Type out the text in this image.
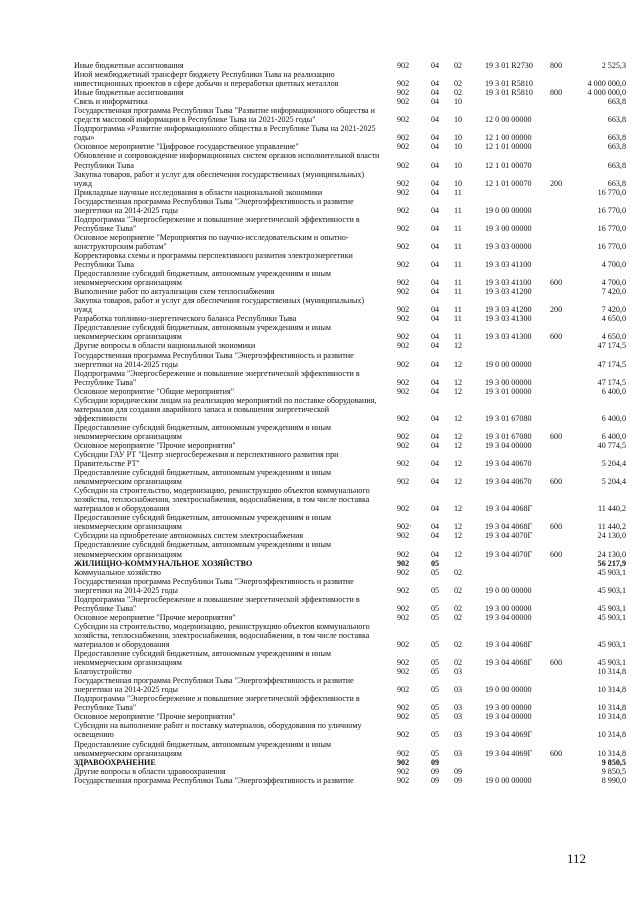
Иные бюджетные ассигнования	902	04 02	19 3 01 R2730 800	2 525,3
Иной межбюджетный трансферт бюджету Республики Тыва на реализацию инвестиционных проектов в сфере добычи и переработки цветных металлов	902	04 02	19 3 01 R5810	4 000 000,0
Иные бюджетные ассигнования	902	04 02	19 3 01 R5810 800	4 000 000,0
Связь и информатика	902	04 10	663,8
Государственная программа Республики Тыва "Развитие информационного общества и средств массовой информации в Республике Тыва на 2021-2025 годы"	902	04 10	12 0 00 00000	663,8
Подпрограмма «Развитие информационного общества в Республике Тыва на 2021-2025 годы»	902	04 10	12 1 00 00000	663,8
Основное мероприятие "Цифровое государственное управление"	902	04 10	12 1 01 00000	663,8
Обновление и сопровождение информационных систем органов исполнительной власти Республики Тыва	902	04 10	12 1 01 00070	663,8
Закупка товаров, работ и услуг для обеспечения государственных (муниципальных) нужд	902	04 10	12 1 01 00070 200	663,8
Прикладные научные исследования в области национальной экономики	902	04 11	16 770,0
Государственная программа Республики Тыва "Энергоэффективность и развитие энергетики на 2014-2025 годы	902	04 11	19 0 00 00000	16 770,0
Подпрограмма "Энергосбережение и повышение энергетической эффективности в Республике Тыва"	902	04 11	19 3 00 00000	16 770,0
Основное мероприятие "Мероприятия по научно-исследовательским и опытно-конструкторским работам"	902	04 11	19 3 03 00000	16 770,0
Корректировка схемы и программы перспективного развития электроэнергетики Республики Тыва	902	04 11	19 3 03 41100	4 700,0
Предоставление субсидий бюджетным, автономным учреждениям и иным некоммерческим организациям	902	04 11	19 3 03 41100 600	4 700,0
Выполнение работ по актуализации схем теплоснабжения	902	04 11	19 3 03 41200	7 420,0
Закупка товаров, работ и услуг для обеспечения государственных (муниципальных) нужд	902	04 11	19 3 03 41200 200	7 420,0
Разработка топливно-энергетического баланса Республики Тыва	902	04 11	19 3 03 41300	4 650,0
Предоставление субсидий бюджетным, автономным учреждениям и иным некоммерческим организациям	902	04 11	19 3 03 41300 600	4 650,0
Другие вопросы в области национальной экономики	902	04 12	47 174,5
Государственная программа Республики Тыва "Энергоэффективность и развитие энергетики на 2014-2025 годы	902	04 12	19 0 00 00000	47 174,5
Подпрограмма "Энергосбережение и повышение энергетической эффективности в Республике Тыва"	902	04 12	19 3 00 00000	47 174,5
Основное мероприятие "Общие мероприятия"	902	04 12	19 3 01 00000	6 400,0
Субсидии юридическим лицам на реализацию мероприятий по поставке оборудования, материалов для создания аварийного запаса и повышения энергетической эффективности	902	04 12	19 3 01 67080	6 400,0
Предоставление субсидий бюджетным, автономным учреждениям и иным некоммерческим организациям	902	04 12	19 3 01 67080 600	6 400,0
Основное мероприятие "Прочие мероприятия"	902	04 12	19 3 04 00000	40 774,5
Субсидии ГАУ РТ "Центр энергосбережения и перспективного развития при Правительстве РТ"	902	04 12	19 3 04 40670	5 204,4
Предоставление субсидий бюджетным, автономным учреждениям и иным некоммерческим организациям	902	04 12	19 3 04 40670 600	5 204,4
Субсидии на строительство, модернизацию, реконструкцию объектов коммунального хозяйства, теплоснабжения, электроснабжения, водоснабжения, в том числе поставка материалов и оборудования	902	04 12	19 3 04 4068Г	11 440,2
Предоставление субсидий бюджетным, автономным учреждениям и иным некоммерческим организациям	902· 04 12	19 3 04 4068Г 600	11 440,2
Субсидии на приобретение автономных систем электроснабжения	902	04 12	19 3 04 4070Г	24 130,0
Предоставление субсидий бюджетным, автономным учреждениям и иным некоммерческим организациям	902	04 12	19 3 04 4070Г 600	24 130,0
ЖИЛИЩНО-КОММУНАЛЬНОЕ ХОЗЯЙСТВО	902	05	56 217,9
Коммунальное хозяйство	902	05 02	45 903,1
Государственная программа Республики Тыва "Энергоэффективность и развитие энергетики на 2014-2025 годы	902	05 02	19 0 00 00000	45 903,1
Подпрограмма "Энергосбережение и повышение энергетической эффективности в Республике Тыва"	902	05 02	19 3 00 00000	45 903,1
Основное мероприятие "Прочие мероприятия"	902	05 02	19 3 04 00000	45 903,1
Субсидии на строительство, модернизацию, реконструкцию объектов коммунального хозяйства, теплоснабжения, электроснабжения, водоснабжения, в том числе поставка материалов и оборудования	902	05 02	19 3 04 4068Г	45 903,1
Предоставление субсидий бюджетным, автономным учреждениям и иным некоммерческим организациям	902	05 02	19 3 04 4068Г 600	45 903,1
Благоустройство	902	05 03	10 314,8
Государственная программа Республики Тыва "Энергоэффективность и развитие энергетики на 2014-2025 годы	902	05 03	19 0 00 00000	10 314,8
Подпрограмма "Энергосбережение и повышение энергетической эффективности в Республике Тыва"	902	05 03	19 3 00 00000	10 314,8
Основное мероприятие "Прочие мероприятия"	902	05 03	19 3 04 00000	10 314,8
Субсидии на выполнение работ и поставку материалов, оборудования по уличному освещению	902	05 03	19 3 04 4069Г	10 314,8
Предоставление субсидий бюджетным, автономным учреждениям и иным некоммерческим организациям	902	05 03	19 3 04 4069Г 600	10 314,8
ЗДРАВООХРАНЕНИЕ	902	09	9 850,5
Другие вопросы в области здравоохранения	902	09 09	9 850,5
Государственная программа Республики Тыва "Энергоэффективность и развитие	902	09 09	19 0 00 00000	8 990,0
112
